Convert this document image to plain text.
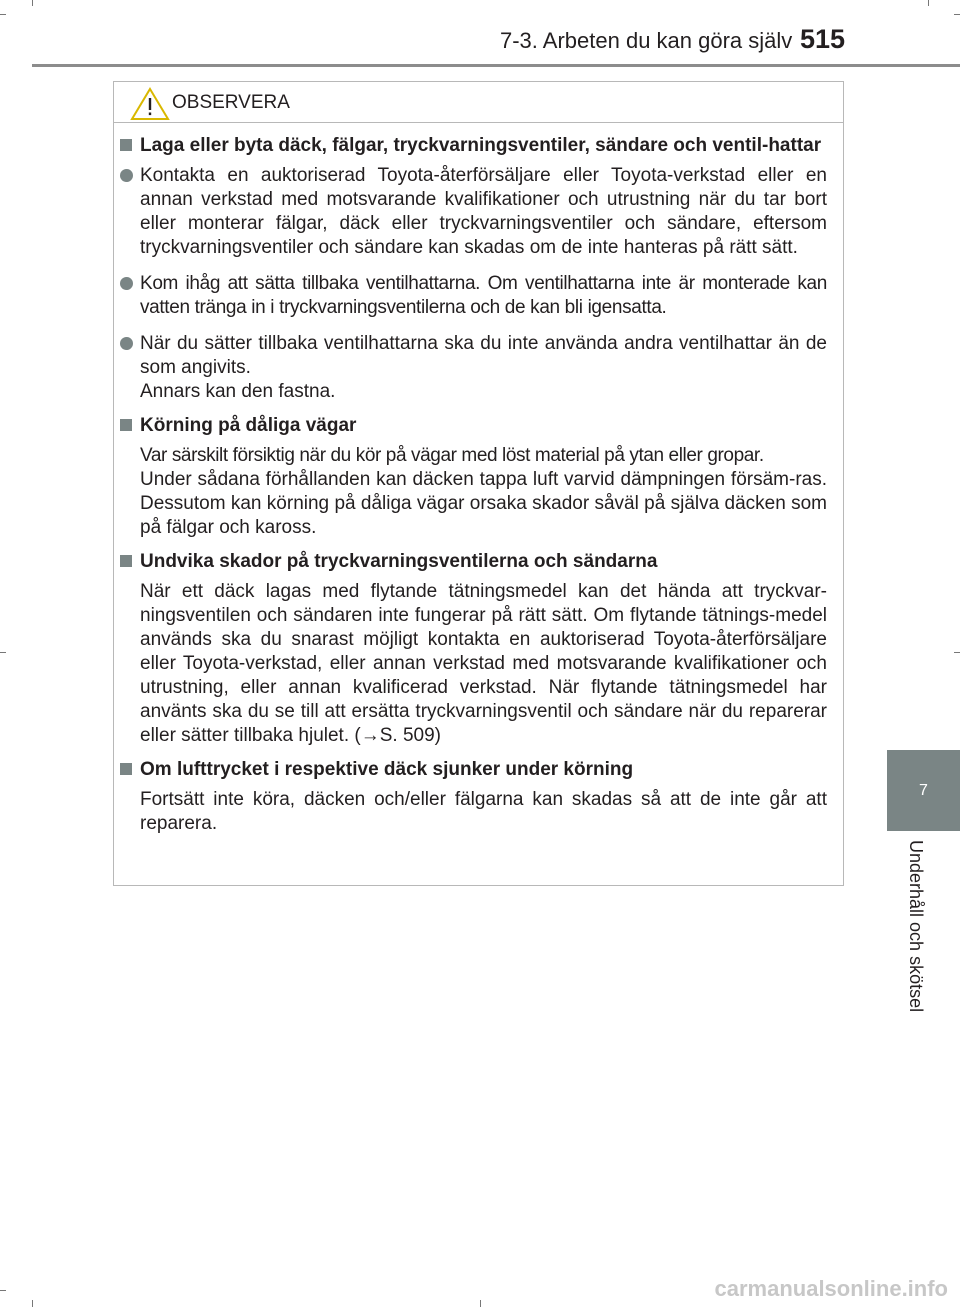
7-3. Arbeten du kan göra själv 515
7
Underhåll och skötsel
OBSERVERA
Laga eller byta däck, fälgar, tryckvarningsventiler, sändare och ventil-hattar
Kontakta en auktoriserad Toyota-återförsäljare eller Toyota-verkstad eller en annan verkstad med motsvarande kvalifikationer och utrustning när du tar bort eller monterar fälgar, däck eller tryckvarningsventiler och sändare, eftersom tryckvarningsventiler och sändare kan skadas om de inte hanteras på rätt sätt.
Kom ihåg att sätta tillbaka ventilhattarna. Om ventilhattarna inte är monterade kan vatten tränga in i tryckvarningsventilerna och de kan bli igensatta.
När du sätter tillbaka ventilhattarna ska du inte använda andra ventilhattar än de som angivits.
Annars kan den fastna.
Körning på dåliga vägar
Var särskilt försiktig när du kör på vägar med löst material på ytan eller gropar.
Under sådana förhållanden kan däcken tappa luft varvid dämpningen försäm-ras. Dessutom kan körning på dåliga vägar orsaka skador såväl på själva däcken som på fälgar och kaross.
Undvika skador på tryckvarningsventilerna och sändarna
När ett däck lagas med flytande tätningsmedel kan det hända att tryckvar-ningsventilen och sändaren inte fungerar på rätt sätt. Om flytande tätnings-medel används ska du snarast möjligt kontakta en auktoriserad Toyota-återförsäljare eller Toyota-verkstad, eller annan verkstad med motsvarande kvalifikationer och utrustning, eller annan kvalificerad verkstad. När flytande tätningsmedel har använts ska du se till att ersätta tryckvarningsventil och sändare när du reparerar eller sätter tillbaka hjulet. (→S. 509)
Om lufttrycket i respektive däck sjunker under körning
Fortsätt inte köra, däcken och/eller fälgarna kan skadas så att de inte går att reparera.
carmanualsonline.info
